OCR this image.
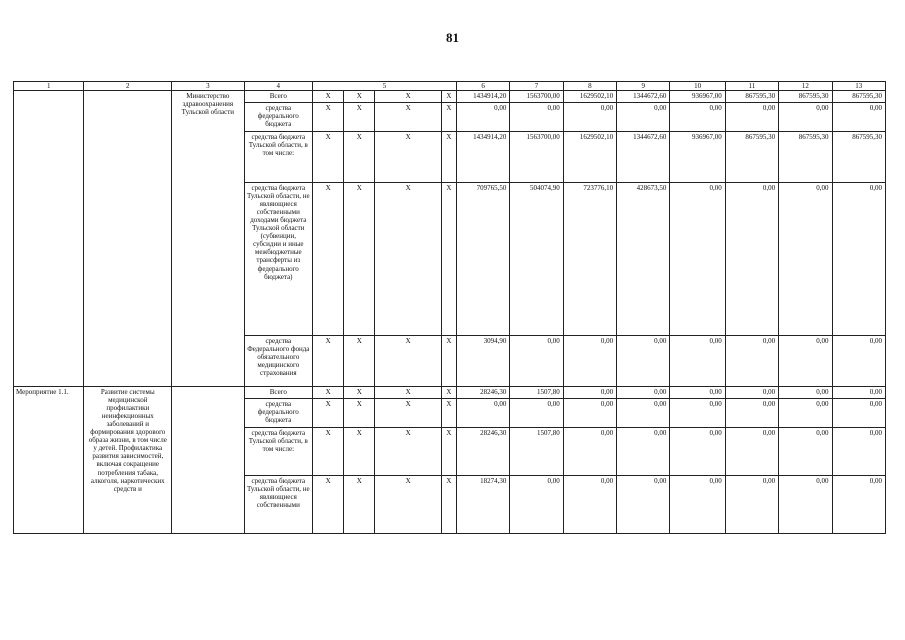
81
1	2	3	4	5				6	7	8	9	10	11	12	13
		Министерство здравоохранения Тульской области	Всего	X	X	X	X	1434914,20	1563700,00	1629502,10	1344672,60	936967,00	867595,30	867595,30	867595,30
			средства федерального бюджета	X	X	X	X	0,00	0,00	0,00	0,00	0,00	0,00	0,00	0,00
			средства бюджета Тульской области, в том числе:	X	X	X	X	1434914,20	1563700,00	1629502,10	1344672,60	936967,00	867595,30	867595,30	867595,30
			средства бюджета Тульской области, не являющиеся собственными доходами бюджета Тульской области (субвенции, субсидии и иные межбюджетные трансферты из федерального бюджета)	X	X	X	X	709765,50	504074,90	723776,10	428673,50	0,00	0,00	0,00	0,00
			средства Федерального фонда обязательного медицинского страхования	X	X	X	X	3094,90	0,00	0,00	0,00	0,00	0,00	0,00	0,00
Мероприятие 1.1.	Развитие системы медицинской профилактики неинфекционных заболеваний и формирования здорового образа жизни, в том числе у детей. Профилактика развития зависимостей, включая сокращение потребления табака, алкоголя, наркотических средств и		Всего	X	X	X	X	28246,30	1507,80	0,00	0,00	0,00	0,00	0,00	0,00
			средства федерального бюджета	X	X	X	X	0,00	0,00	0,00	0,00	0,00	0,00	0,00	0,00
			средства бюджета Тульской области, в том числе:	X	X	X	X	28246,30	1507,80	0,00	0,00	0,00	0,00	0,00	0,00
			средства бюджета Тульской области, не являющиеся собственными	X	X	X	X	18274,30	0,00	0,00	0,00	0,00	0,00	0,00	0,00
